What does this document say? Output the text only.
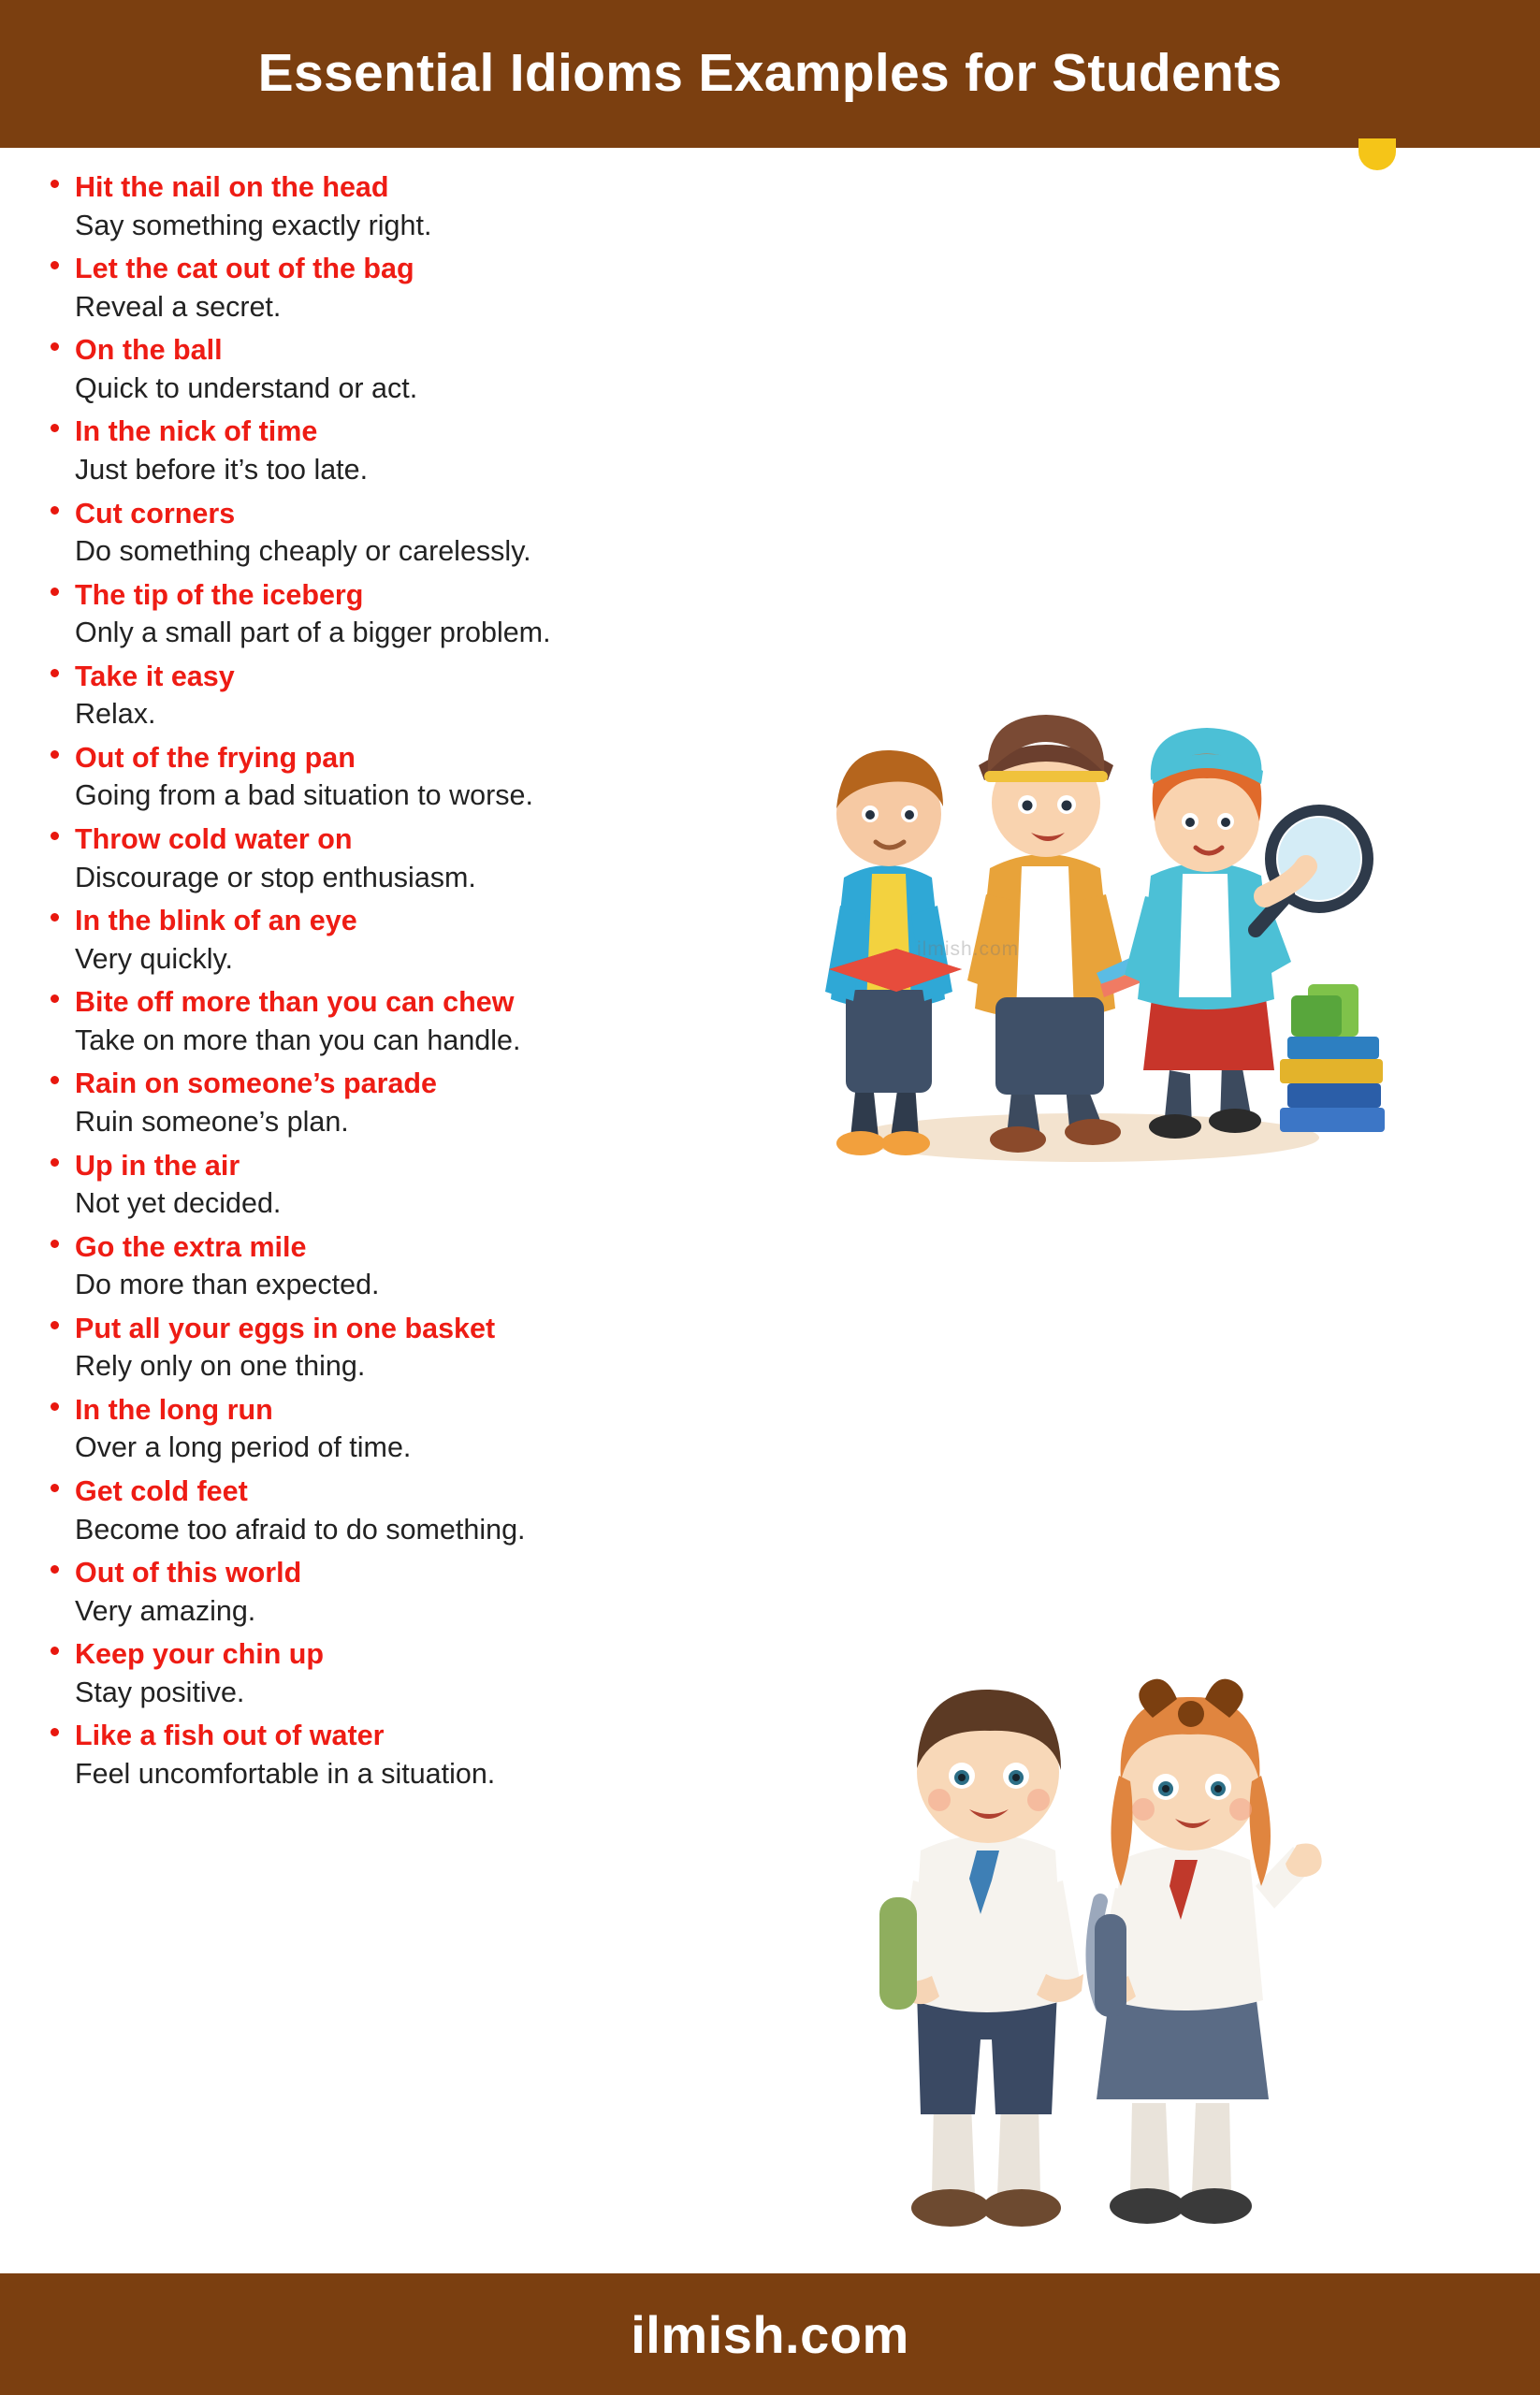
Essential Idioms Examples for Students
Hit the nail on the head
Say something exactly right.
Let the cat out of the bag
Reveal a secret.
On the ball
Quick to understand or act.
In the nick of time
Just before it’s too late.
Cut corners
Do something cheaply or carelessly.
The tip of the iceberg
Only a small part of a bigger problem.
Take it easy
Relax.
Out of the frying pan
Going from a bad situation to worse.
Throw cold water on
Discourage or stop enthusiasm.
In the blink of an eye
Very quickly.
Bite off more than you can chew
Take on more than you can handle.
Rain on someone’s parade
Ruin someone’s plan.
Up in the air
Not yet decided.
Go the extra mile
Do more than expected.
Put all your eggs in one basket
Rely only on one thing.
In the long run
Over a long period of time.
Get cold feet
Become too afraid to do something.
Out of this world
Very amazing.
Keep your chin up
Stay positive.
Like a fish out of water
Feel uncomfortable in a situation.
ilmish.com
ilmish.com
